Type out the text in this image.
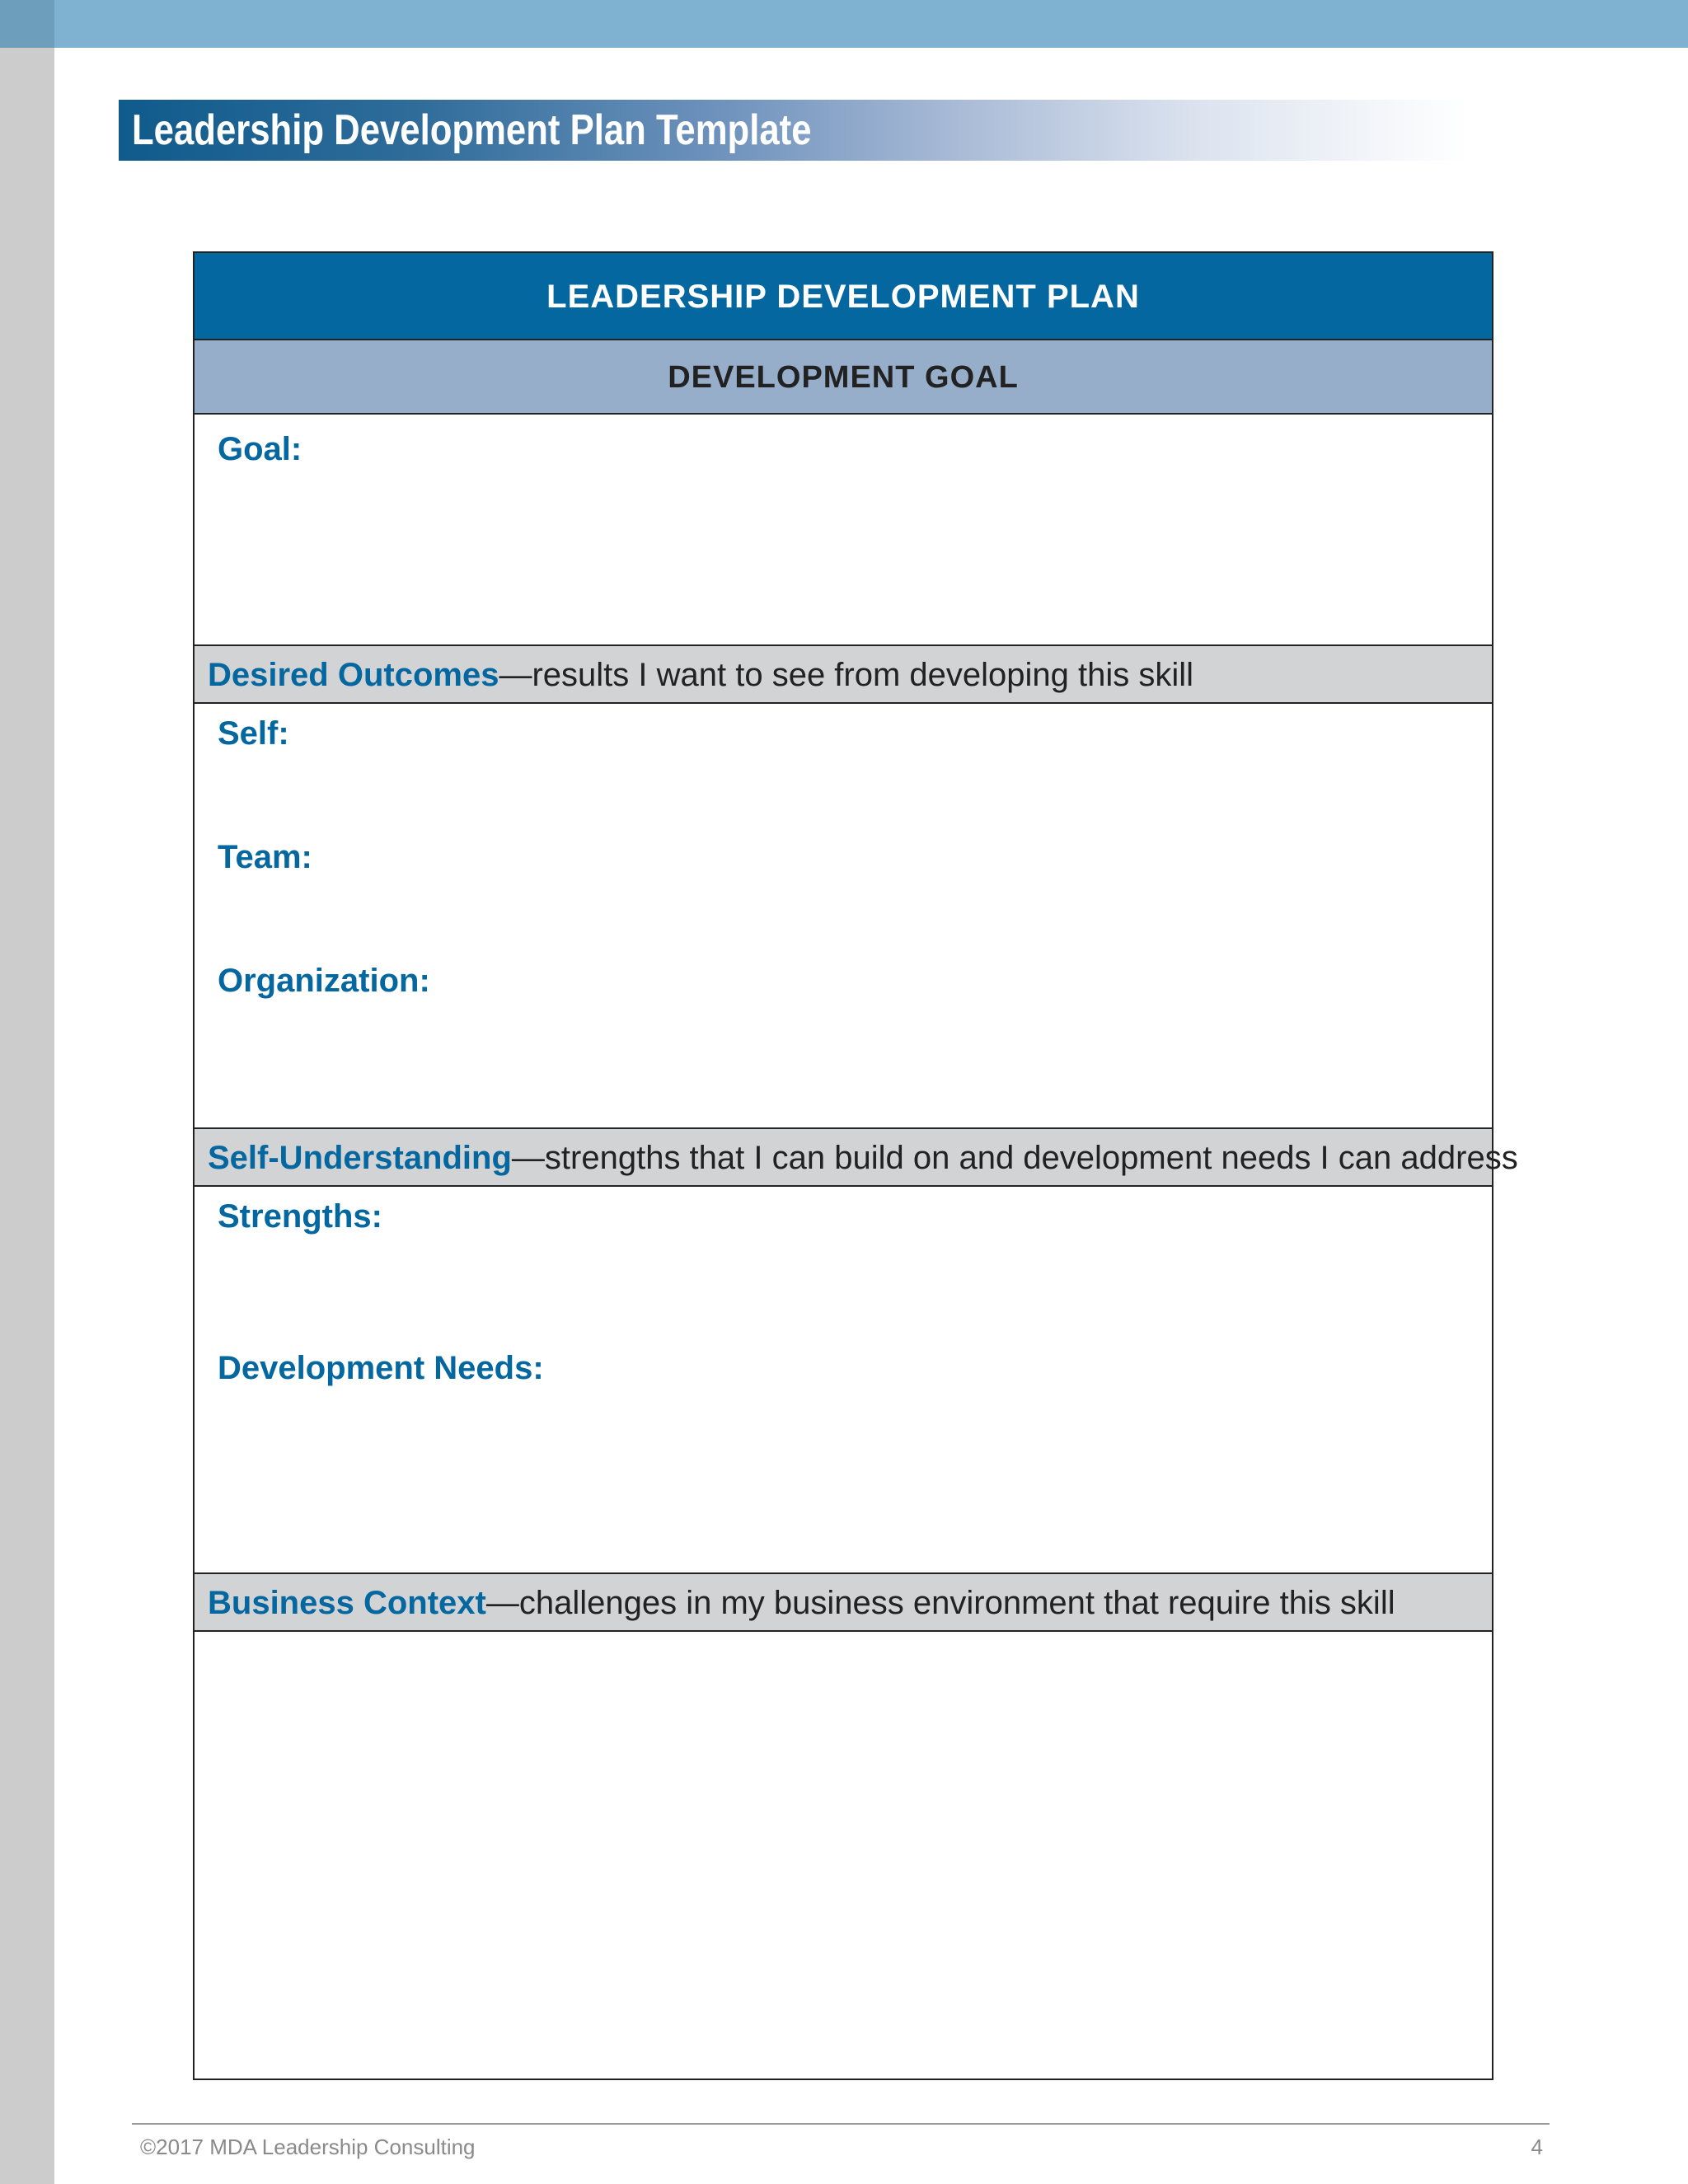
Leadership Development Plan Template
LEADERSHIP DEVELOPMENT PLAN
DEVELOPMENT GOAL
Goal:
Desired Outcomes—results I want to see from developing this skill
Self:
Team:
Organization:
Self-Understanding—strengths that I can build on and development needs I can address
Strengths:
Development Needs:
Business Context—challenges in my business environment that require this skill
©2017 MDA Leadership Consulting	4
